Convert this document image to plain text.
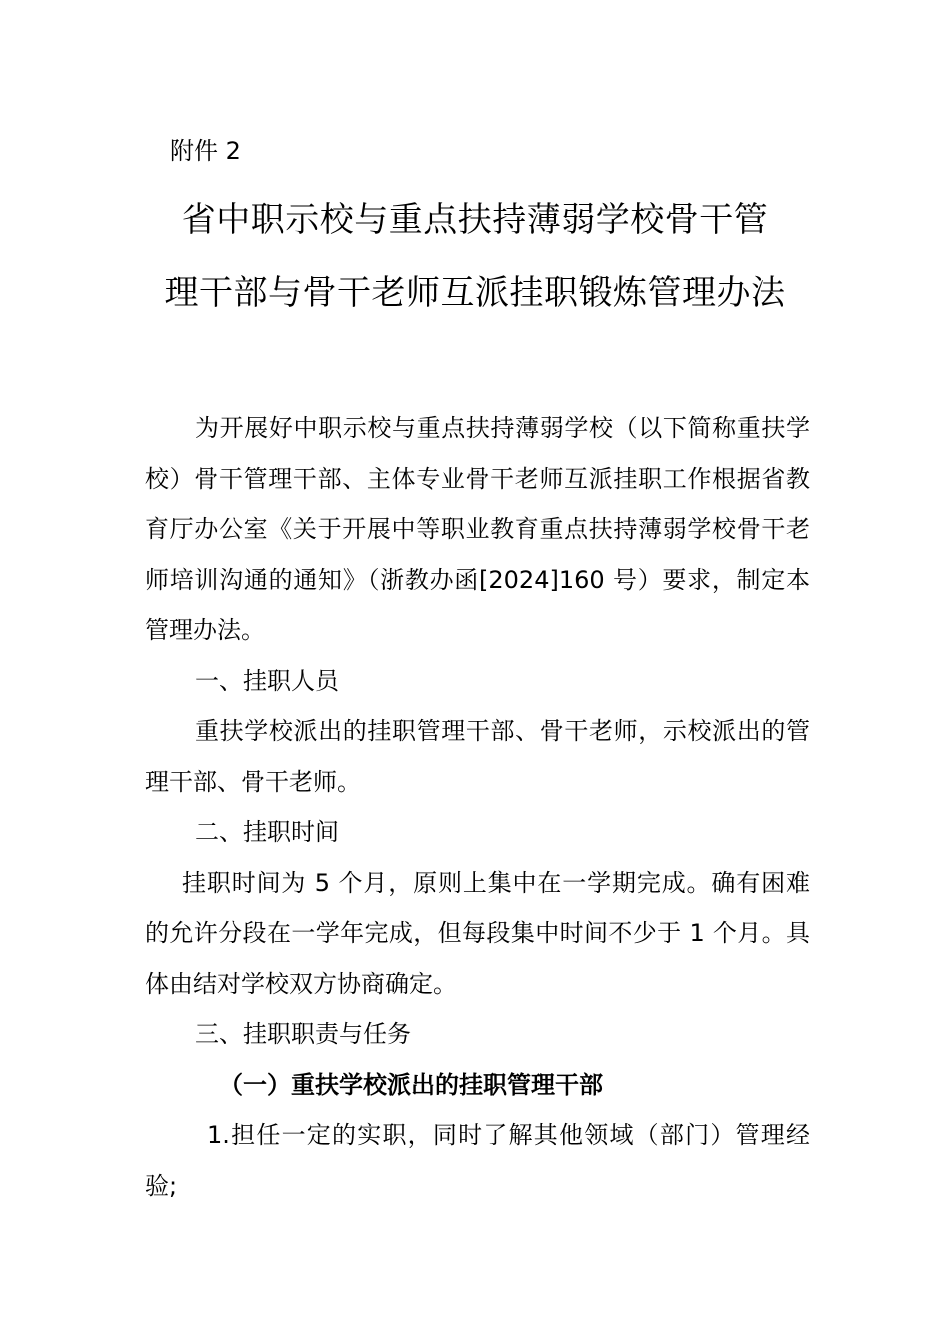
附件 2
省中职示校与重点扶持薄弱学校骨干管
理干部与骨干老师互派挂职锻炼管理办法

为开展好中职示校与重点扶持薄弱学校（以下简称重扶学校）骨干管理干部、主体专业骨干老师互派挂职工作根据省教育厅办公室《关于开展中等职业教育重点扶持薄弱学校骨干老师培训沟通的通知》（浙教办函[2024]160 号）要求，制定本管理办法。

一、挂职人员

重扶学校派出的挂职管理干部、骨干老师，示校派出的管理干部、骨干老师。

二、挂职时间

挂职时间为 5 个月，原则上集中在一学期完成。确有困难的允许分段在一学年完成，但每段集中时间不少于 1 个月。具体由结对学校双方协商确定。

三、挂职职责与任务

（一）重扶学校派出的挂职管理干部

1.担任一定的实职，同时了解其他领域（部门）管理经验;
